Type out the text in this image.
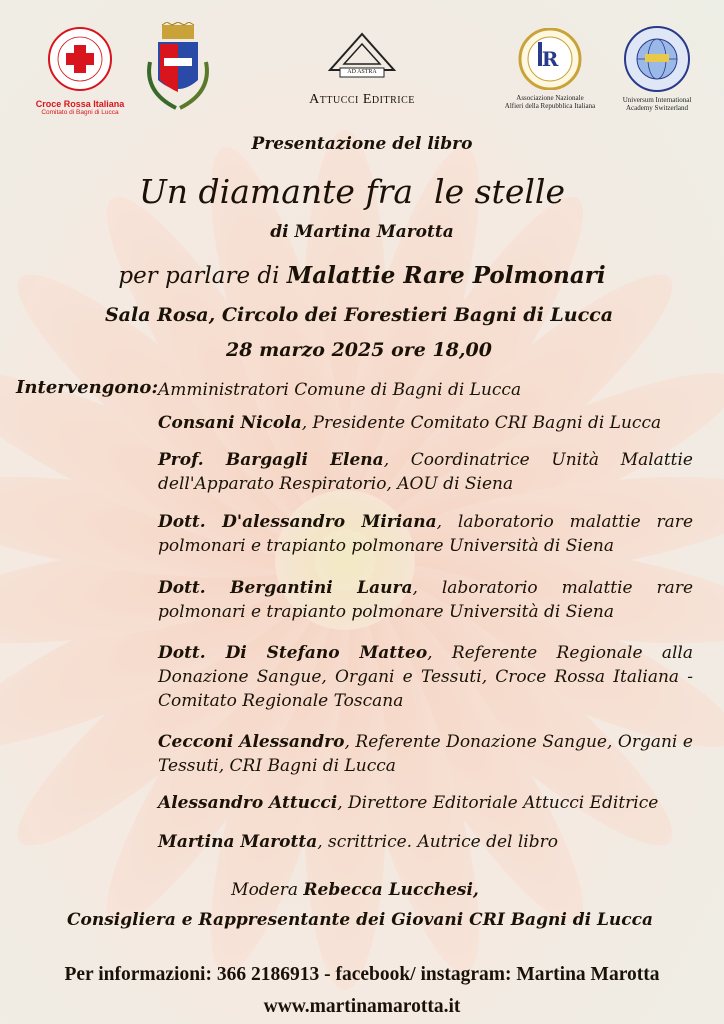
Croce Rossa Italiana
Comitato di Bagni di Lucca
AD ASTRA
Attucci Editrice
R
Associazione Nazionale
Alfieri della Repubblica Italiana
Universum International
Academy Switzerland
Presentazione del libro
Un diamante fra  le stelle
di Martina Marotta
per parlare di Malattie Rare Polmonari
Sala Rosa, Circolo dei Forestieri Bagni di Lucca
28 marzo 2025 ore 18,00
Intervengono: Amministratori Comune di Bagni di Lucca
Consani Nicola, Presidente Comitato CRI Bagni di Lucca
Prof. Bargagli Elena, Coordinatrice Unità Malattie dell'Apparato Respiratorio, AOU di Siena
Dott. D'alessandro Miriana, laboratorio malattie rare polmonari e trapianto polmonare Università di Siena
Dott. Bergantini Laura, laboratorio malattie rare polmonari e trapianto polmonare Università di Siena
Dott. Di Stefano Matteo, Referente Regionale alla Donazione Sangue, Organi e Tessuti, Croce Rossa Italiana - Comitato Regionale Toscana
Cecconi Alessandro, Referente Donazione Sangue, Organi e Tessuti, CRI Bagni di Lucca
Alessandro Attucci, Direttore Editoriale Attucci Editrice
Martina Marotta, scrittrice. Autrice del libro
Modera Rebecca Lucchesi,
Consigliera e Rappresentante dei Giovani CRI Bagni di Lucca
Per informazioni: 366 2186913 - facebook/ instagram: Martina Marotta
www.martinamarotta.it
